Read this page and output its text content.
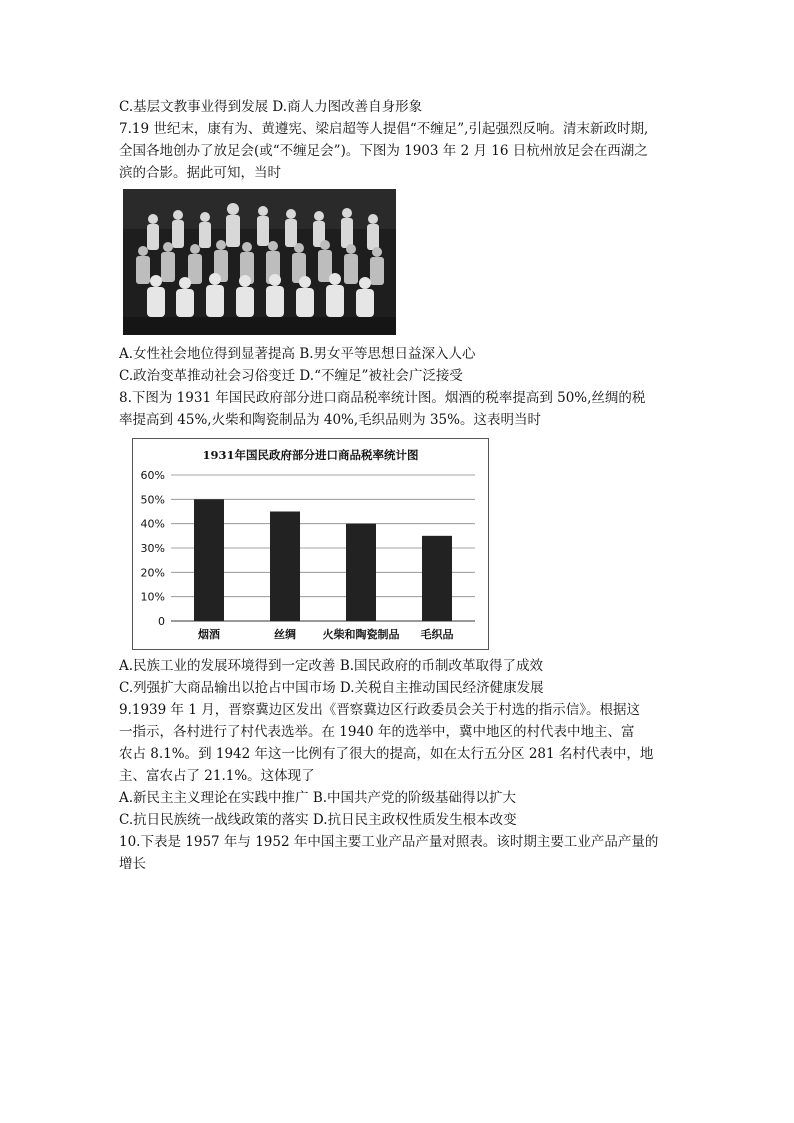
C.基层文教事业得到发展 D.商人力图改善自身形象
7.19 世纪末，康有为、黄遵宪、梁启超等人提倡“不缠足”,引起强烈反响。清末新政时期,
全国各地创办了放足会(或“不缠足会”)。下图为 1903 年 2 月 16 日杭州放足会在西湖之
滨的合影。据此可知，当时
A.女性社会地位得到显著提高 B.男女平等思想日益深入人心
C.政治变革推动社会习俗变迁 D.“不缠足”被社会广泛接受
8.下图为 1931 年国民政府部分进口商品税率统计图。烟酒的税率提高到 50%,丝绸的税
率提高到 45%,火柴和陶瓷制品为 40%,毛织品则为 35%。这表明当时
1931年国民政府部分进口商品税率统计图
0
10%
20%
30%
40%
50%
60%
烟酒	丝绸 火柴和陶瓷制品 毛织品
A.民族工业的发展环境得到一定改善 B.国民政府的币制改革取得了成效
C.列强扩大商品输出以抢占中国市场 D.关税自主推动国民经济健康发展
9.1939 年 1 月，晋察冀边区发出《晋察冀边区行政委员会关于村选的指示信》。根据这
一指示，各村进行了村代表选举。在 1940 年的选举中，冀中地区的村代表中地主、富
农占 8.1%。到 1942 年这一比例有了很大的提高，如在太行五分区 281 名村代表中，地
主、富农占了 21.1%。这体现了
A.新民主主义理论在实践中推广 B.中国共产党的阶级基础得以扩大
C.抗日民族统一战线政策的落实 D.抗日民主政权性质发生根本改变
10.下表是 1957 年与 1952 年中国主要工业产品产量对照表。该时期主要工业产品产量的
增长
